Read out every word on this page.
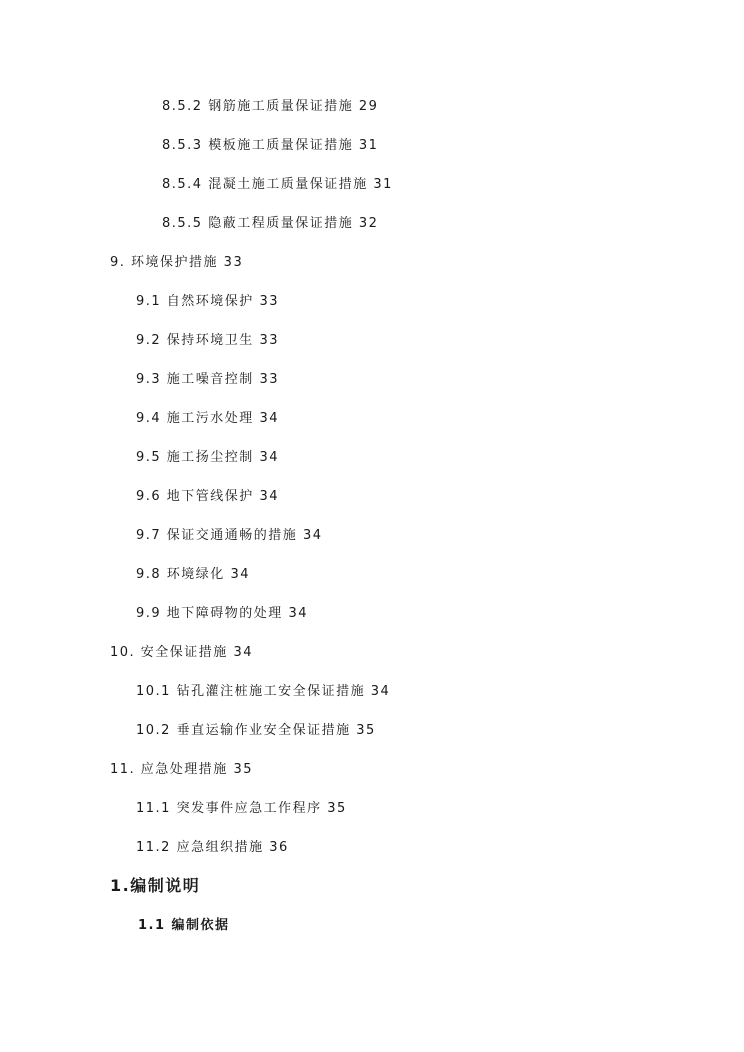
8.5.2 钢筋施工质量保证措施 29
8.5.3 模板施工质量保证措施 31
8.5.4 混凝土施工质量保证措施 31
8.5.5 隐蔽工程质量保证措施 32
9. 环境保护措施 33
9.1 自然环境保护 33
9.2 保持环境卫生 33
9.3 施工噪音控制 33
9.4 施工污水处理 34
9.5 施工扬尘控制 34
9.6 地下管线保护 34
9.7 保证交通通畅的措施 34
9.8 环境绿化 34
9.9 地下障碍物的处理 34
10. 安全保证措施 34
10.1 钻孔灌注桩施工安全保证措施 34
10.2 垂直运输作业安全保证措施 35
11. 应急处理措施 35
11.1 突发事件应急工作程序 35
11.2 应急组织措施 36
1.编制说明
1.1 编制依据
